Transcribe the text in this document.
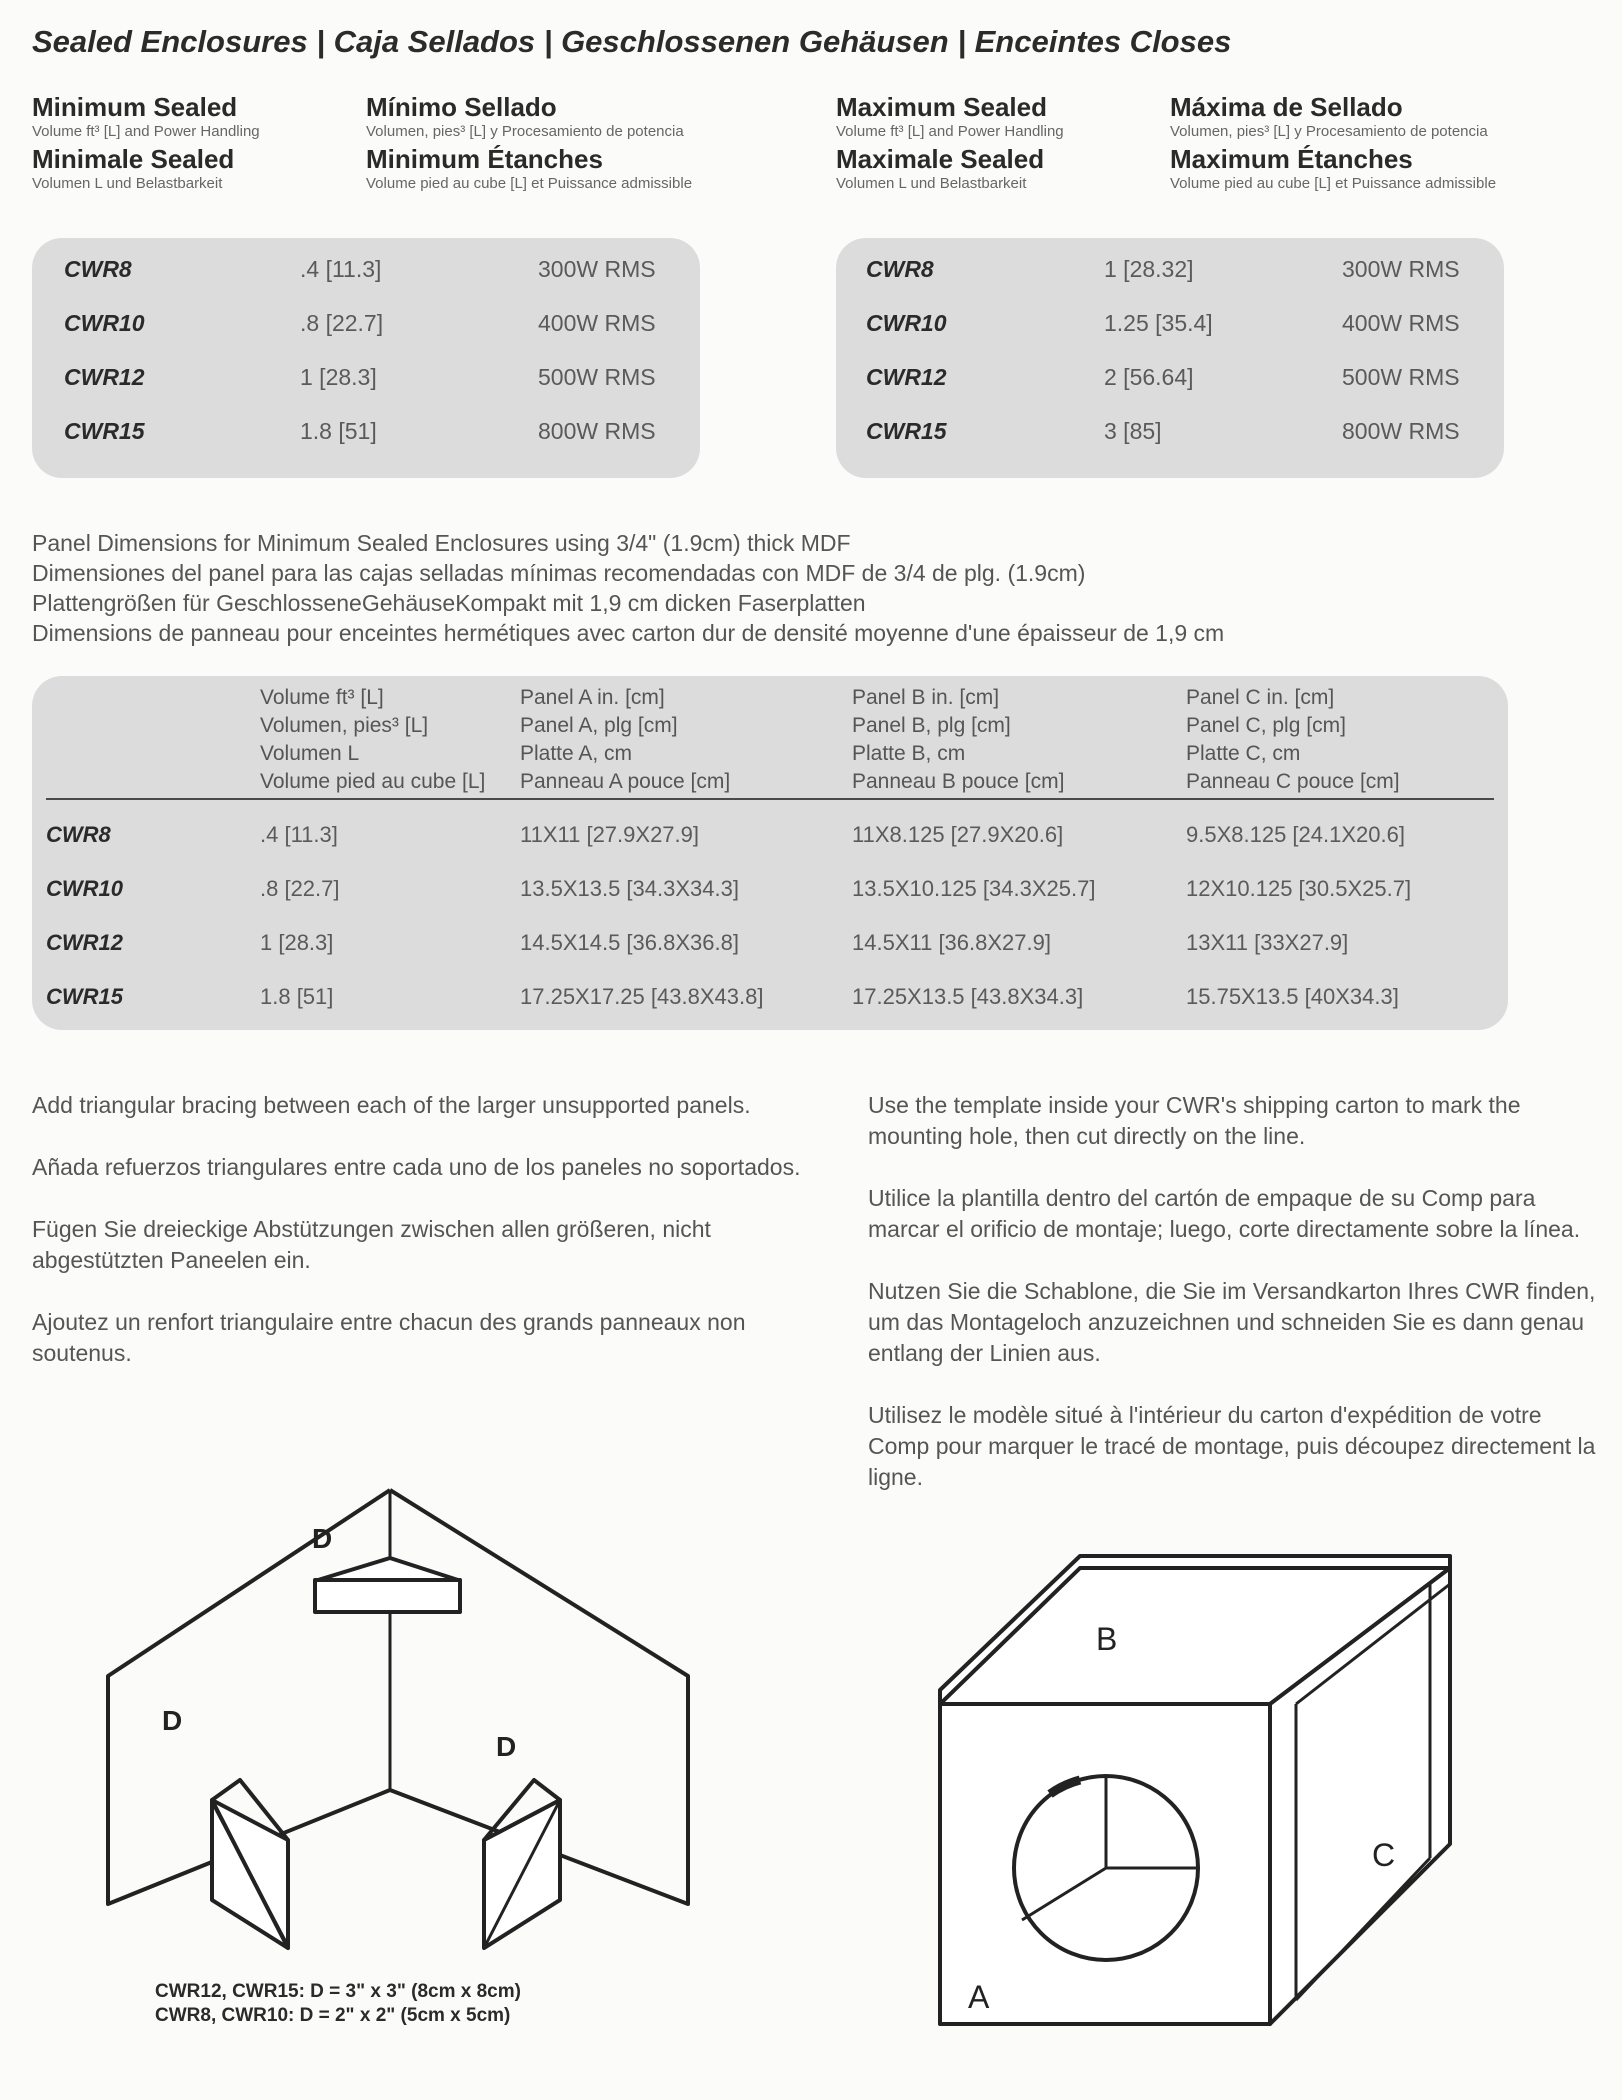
Sealed Enclosures | Caja Sellados | Geschlossenen Gehäusen | Enceintes Closes
Minimum Sealed
Volume ft³ [L] and Power Handling
Minimale Sealed
Volumen L und Belastbarkeit
Mínimo Sellado
Volumen, pies³ [L] y Procesamiento de potencia
Minimum Étanches
Volume pied au cube [L] et Puissance admissible
Maximum Sealed
Volume ft³ [L] and Power Handling
Maximale Sealed
Volumen L und Belastbarkeit
Máxima de Sellado
Volumen, pies³ [L] y Procesamiento de potencia
Maximum Étanches
Volume pied au cube [L] et Puissance admissible
CWR8	.4 [11.3]	300W RMS
CWR10	.8 [22.7]	400W RMS
CWR12	1 [28.3]	500W RMS
CWR15	1.8 [51]	800W RMS
CWR8	1 [28.32]	300W RMS
CWR10	1.25 [35.4]	400W RMS
CWR12	2 [56.64]	500W RMS
CWR15	3 [85]	800W RMS
Panel Dimensions for Minimum Sealed Enclosures using 3/4" (1.9cm) thick MDF
Dimensiones del panel para las cajas selladas mínimas recomendadas con MDF de 3/4 de plg. (1.9cm)
Plattengrößen für GeschlosseneGehäuseKompakt mit 1,9 cm dicken Faserplatten
Dimensions de panneau pour enceintes hermétiques avec carton dur de densité moyenne d'une épaisseur de 1,9 cm
Volume ft³ [L]
Volumen, pies³ [L]
Volumen L
Volume pied au cube [L]
Panel A in. [cm]
Panel A, plg [cm]
Platte A, cm
Panneau A pouce [cm]
Panel B in. [cm]
Panel B, plg [cm]
Platte B, cm
Panneau B pouce [cm]
Panel C in. [cm]
Panel C, plg [cm]
Platte C, cm
Panneau C pouce [cm]
CWR8	.4 [11.3]	11X11 [27.9X27.9]	11X8.125 [27.9X20.6]	9.5X8.125 [24.1X20.6]
CWR10	.8 [22.7]	13.5X13.5 [34.3X34.3]	13.5X10.125 [34.3X25.7]	12X10.125 [30.5X25.7]
CWR12	1 [28.3]	14.5X14.5 [36.8X36.8]	14.5X11 [36.8X27.9]	13X11 [33X27.9]
CWR15	1.8 [51]	17.25X17.25 [43.8X43.8]	17.25X13.5 [43.8X34.3]	15.75X13.5 [40X34.3]

Add triangular bracing between each of the larger unsupported panels.

Añada refuerzos triangulares entre cada uno de los paneles no soportados.

Fügen Sie dreieckige Abstützungen zwischen allen größeren, nicht abgestützten Paneelen ein.

Ajoutez un renfort triangulaire entre chacun des grands panneaux non soutenus.

Use the template inside your CWR's shipping carton to mark the mounting hole, then cut directly on the line.

Utilice la plantilla dentro del cartón de empaque de su Comp para marcar el orificio de montaje; luego, corte directamente sobre la línea.

Nutzen Sie die Schablone, die Sie im Versandkarton Ihres CWR finden, um das Montageloch anzuzeichnen und schneiden Sie es dann genau entlang der Linien aus.

Utilisez le modèle situé à l'intérieur du carton d'expédition de votre Comp pour marquer le tracé de montage, puis découpez directement la ligne.

D
D
D
CWR12, CWR15: D = 3" x 3" (8cm x 8cm)
CWR8, CWR10: D = 2" x 2" (5cm x 5cm)
B
C
A
